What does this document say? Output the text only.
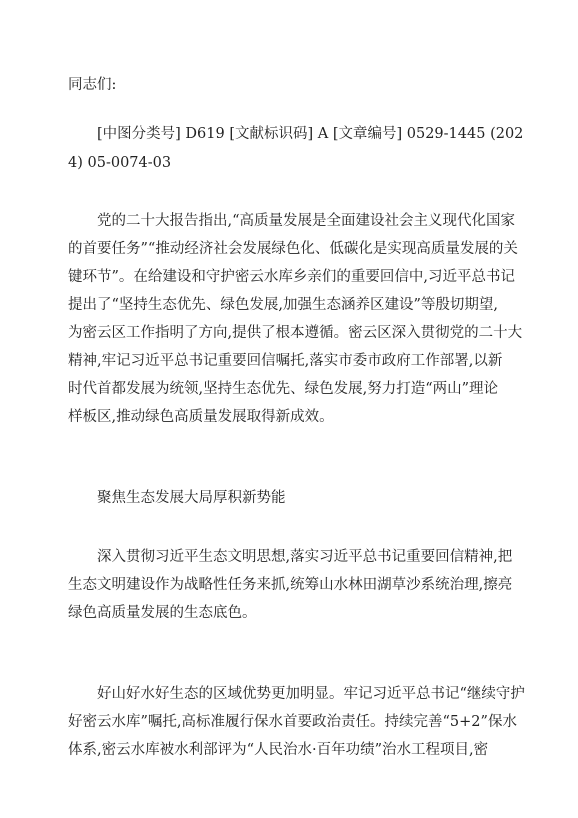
同志们:
[中图分类号] D619 [文献标识码] A [文章编号] 0529-1445 (202
4) 05-0074-03
党的二十大报告指出,“高质量发展是全面建设社会主义现代化国家
的首要任务”“推动经济社会发展绿色化、低碳化是实现高质量发展的关
键环节”。在给建设和守护密云水库乡亲们的重要回信中,习近平总书记
提出了“坚持生态优先、绿色发展,加强生态涵养区建设”等殷切期望,
为密云区工作指明了方向,提供了根本遵循。密云区深入贯彻党的二十大
精神,牢记习近平总书记重要回信嘱托,落实市委市政府工作部署,以新
时代首都发展为统领,坚持生态优先、绿色发展,努力打造“两山”理论
样板区,推动绿色高质量发展取得新成效。
聚焦生态发展大局厚积新势能
深入贯彻习近平生态文明思想,落实习近平总书记重要回信精神,把
生态文明建设作为战略性任务来抓,统筹山水林田湖草沙系统治理,擦亮
绿色高质量发展的生态底色。
好山好水好生态的区域优势更加明显。牢记习近平总书记“继续守护
好密云水库”嘱托,高标准履行保水首要政治责任。持续完善“5+2”保水
体系,密云水库被水利部评为“人民治水·百年功绩”治水工程项目,密
